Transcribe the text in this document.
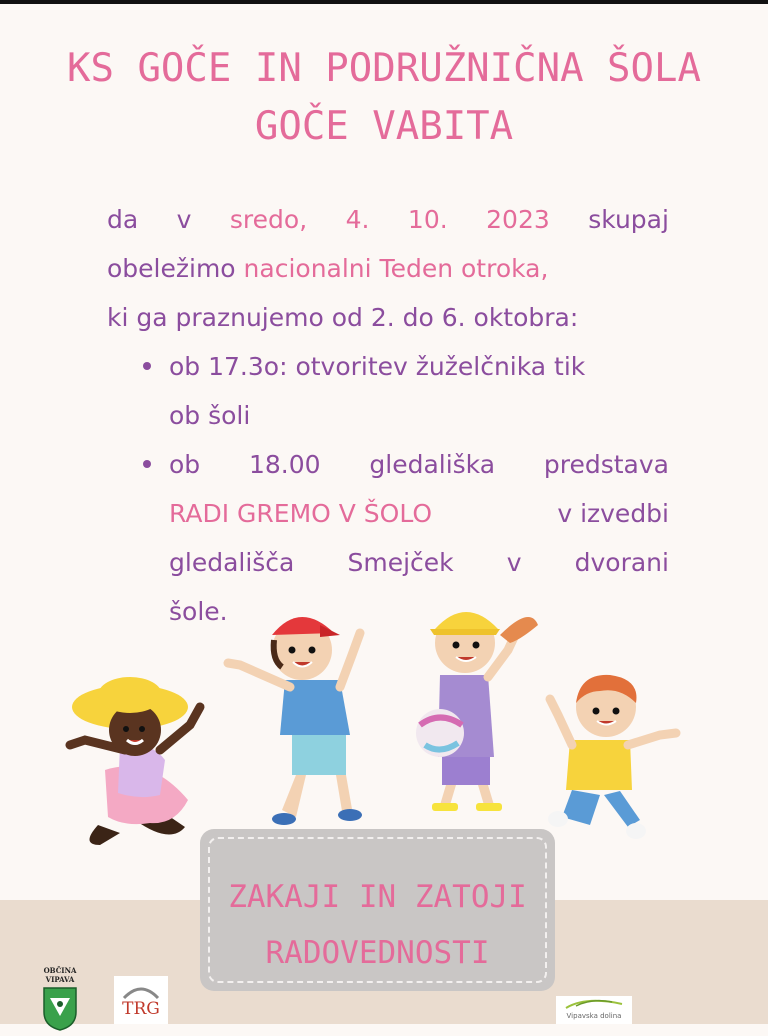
KS GOČE IN PODRUŽNIČNA ŠOLA
GOČE VABITA
da v sredo, 4. 10. 2023 skupaj
obeležimo nacionalni Teden otroka,
ki ga praznujemo od 2. do 6. oktobra:
ob 17.3o: otvoritev žuželčnika tik
ob šoli
ob 18.00 gledališka predstava
RADI GREMO V ŠOLO	v izvedbi
gledališča Smejček v dvorani
šole.
ZAKAJI IN ZATOJI
RADOVEDNOSTI
OBČINA VIPAVA
TRG	Vipavska dolina
